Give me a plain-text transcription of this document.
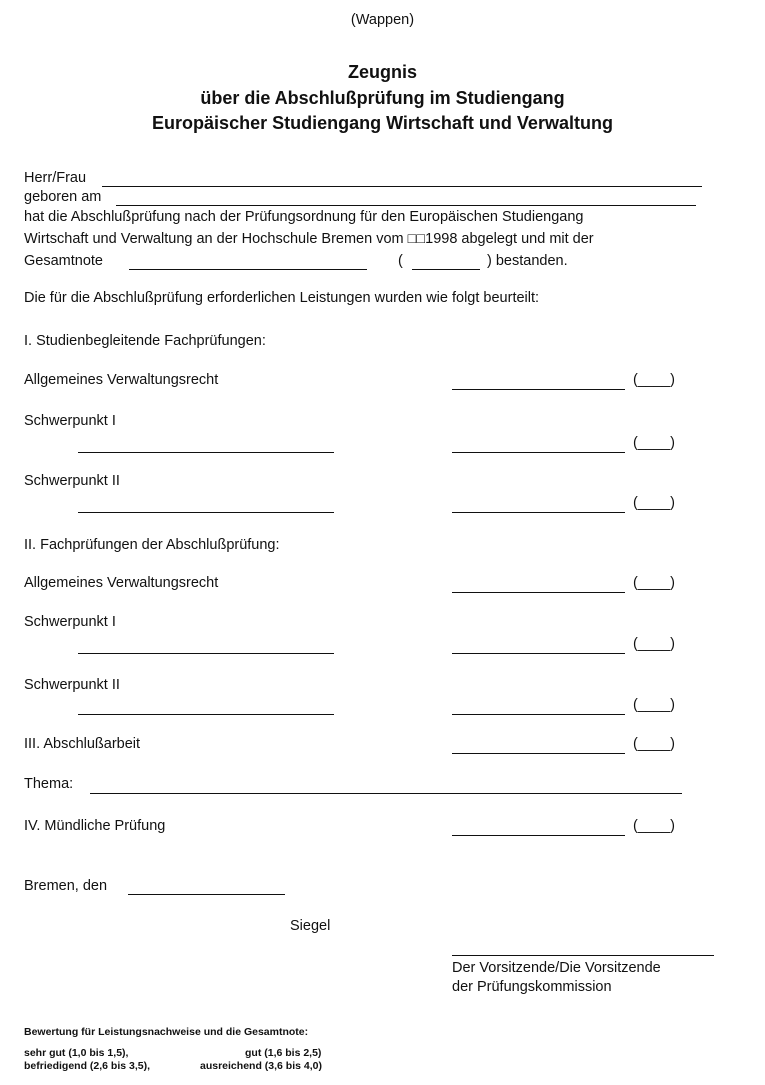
(Wappen)
Zeugnis
über die Abschlußprüfung im Studiengang
Europäischer Studiengang Wirtschaft und Verwaltung
Herr/Frau
geboren am
hat die Abschlußprüfung nach der Prüfungsordnung für den Europäischen Studiengang
Wirtschaft und Verwaltung an der Hochschule Bremen vom □□1998 abgelegt und mit der
Gesamtnote	(	) bestanden.
Die für die Abschlußprüfung erforderlichen Leistungen wurden wie folgt beurteilt:
I. Studienbegleitende Fachprüfungen:
Allgemeines Verwaltungsrecht	(____)
Schwerpunkt I
(____)
Schwerpunkt II
(____)
II. Fachprüfungen der Abschlußprüfung:
Allgemeines Verwaltungsrecht	(____)
Schwerpunkt I
(____)
Schwerpunkt II
(____)
III. Abschlußarbeit	(____)
Thema:
IV. Mündliche Prüfung	(____)
Bremen, den
Siegel
Der Vorsitzende/Die Vorsitzende
der Prüfungskommission
Bewertung für Leistungsnachweise und die Gesamtnote:
sehr gut (1,0 bis 1,5),	gut (1,6 bis 2,5)
befriedigend (2,6 bis 3,5),	ausreichend (3,6 bis 4,0)
